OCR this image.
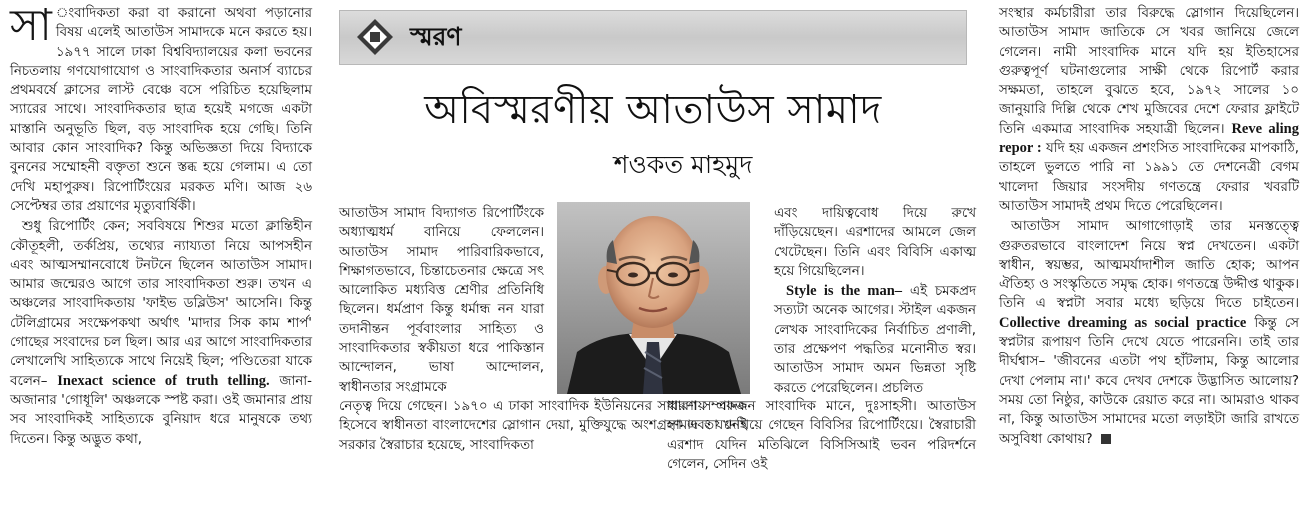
সা ংবাদিকতা করা বা করানো অথবা পড়ানোর বিষয় এলেই আতাউস সামাদকে মনে করতে হয়। ১৯৭৭ সালে ঢাকা বিশ্ববিদ্যালয়ের কলা ভবনের নিচতলায় গণযোগাযোগ ও সাংবাদিকতার অনার্স ব্যাচের প্রথমবর্ষে ক্লাসের লাস্ট বেঞ্চে বসে পরিচিত হয়েছিলাম স্যারের সাথে। সাংবাদিকতার ছাত্র হয়েই মগজে একটা মাস্তানি অনুভূতি ছিল, বড় সাংবাদিক হয়ে গেছি। তিনি আবার কোন সাংবাদিক? কিন্তু অভিজ্ঞতা দিয়ে বিদ্যাকে বুননের সম্মোহনী বক্তৃতা শুনে স্তব্ধ হয়ে গেলাম। এ তো দেখি মহাপুরুষ। রিপোর্টিংয়ের মরকত মণি। আজ ২৬ সেপ্টেম্বর তার প্রয়াণের মৃত্যুবার্ষিকী।

শুধু রিপোর্টিং কেন; সববিষয়ে শিশুর মতো ক্লান্তিহীন কৌতূহলী, তর্কপ্রিয়, তথ্যের ন্যায্যতা নিয়ে আপসহীন এবং আত্মসম্মানবোধে টনটনে ছিলেন আতাউস সামাদ। আমার জন্মেরও আগে তার সাংবাদিকতা শুরু। তখন এ অঞ্চলের সাংবাদিকতায় 'ফাইভ ডব্লিউস' আসেনি। কিন্তু টেলিগ্রামের সংক্ষেপকথা অর্থাৎ 'মাদার সিক কাম শার্প' গোছের সংবাদের চল ছিল। আর এর আগে সাংবাদিকতার লেখালেখি সাহিত্যকে সাথে নিয়েই ছিল; পণ্ডিতেরা যাকে বলেন– Inexact science of truth telling. জানা-অজানার 'গোধূলি' অঞ্চলকে স্পষ্ট করা। ওই জমানার প্রায় সব সাংবাদিকই সাহিত্যকে বুনিয়াদ ধরে মানুষকে তথ্য দিতেন। কিন্তু অদ্ভুত কথা,

স্মরণ
অবিস্মরণীয় আতাউস সামাদ
শওকত মাহমুদ

আতাউস সামাদ বিদ্যাগত রিপোর্টিংকে অধ্যাত্মধর্ম বানিয়ে ফেললেন। আতাউস সামাদ পারিবারিকভাবে, শিক্ষাগতভাবে, চিন্তাচেতনার ক্ষেত্রে সৎ আলোকিত মধ্যবিত্ত শ্রেণীর প্রতিনিধি ছিলেন। ধর্মপ্রাণ কিন্তু ধর্মান্ধ নন যারা তদানীন্তন পূর্ববাংলার সাহিত্য ও সাংবাদিকতার স্বকীয়তা ধরে পাকিস্তান আন্দোলন, ভাষা আন্দোলন, স্বাধীনতার সংগ্রামকে

নেতৃত্ব দিয়ে গেছেন। ১৯৭০ এ ঢাকা সাংবাদিক ইউনিয়নের সাধারণ সম্পাদক হিসেবে স্বাধীনতা বাংলাদেশের স্লোগান দেয়া, মুক্তিযুদ্ধে অংশগ্রহণ এবং যখনই সরকার স্বৈরাচার হয়েছে, সাংবাদিকতা

এবং দায়িত্ববোধ দিয়ে রুখে দাঁড়িয়েছেন। এরশাদের আমলে জেল খেটেছেন। তিনি এবং বিবিসি একাত্ম হয়ে গিয়েছিলেন।

Style is the man– এই চমকপ্রদ সত্যটা অনেক আগের। স্টাইল একজন লেখক সাংবাদিকের নির্বাচিত প্রণালী, তার প্রক্ষেপণ পদ্ধতির মনোনীত স্বর। আতাউস সামাদ অমন ভিন্নতা সৃষ্টি করতে পেরেছিলেন। প্রচলিত

ধারণায় একজন সাংবাদিক মানে, দুঃসাহসী। আতাউস সামাদ তা দেখিয়ে গেছেন বিবিসির রিপোর্টিংয়ে। স্বৈরাচারী এরশাদ যেদিন মতিঝিলে বিসিসিআই ভবন পরিদর্শনে গেলেন, সেদিন ওই

সংস্থার কর্মচারীরা তার বিরুদ্ধে স্লোগান দিয়েছিলেন। আতাউস সামাদ জাতিকে সে খবর জানিয়ে জেলে গেলেন। নামী সাংবাদিক মানে যদি হয় ইতিহাসের গুরুত্বপূর্ণ ঘটনাগুলোর সাক্ষী থেকে রিপোর্ট করার সক্ষমতা, তাহলে বুঝতে হবে, ১৯৭২ সালের ১০ জানুয়ারি দিল্লি থেকে শেখ মুজিবের দেশে ফেরার ফ্লাইটে তিনি একমাত্র সাংবাদিক সহযাত্রী ছিলেন। Reve aling repor : যদি হয় একজন প্রশংসিত সাংবাদিকের মাপকাঠি, তাহলে ভুলতে পারি না ১৯৯১ তে দেশনেত্রী বেগম খালেদা জিয়ার সংসদীয় গণতন্ত্রে ফেরার খবরটি আতাউস সামাদই প্রথম দিতে পেরেছিলেন।

আতাউস সামাদ আগাগোড়াই তার মনস্তত্ত্বে গুরুতরভাবে বাংলাদেশ নিয়ে স্বপ্ন দেখতেন। একটা স্বাধীন, স্বয়ম্ভর, আত্মমর্যাদাশীল জাতি হোক; আপন ঐতিহ্য ও সংস্কৃতিতে সমৃদ্ধ হোক। গণতন্ত্রে উদ্দীপ্ত থাকুক। তিনি এ স্বপ্নটা সবার মধ্যে ছড়িয়ে দিতে চাইতেন। Collective dreaming as social practice কিন্তু সে স্বপ্নটার রূপায়ণ তিনি দেখে যেতে পারেননি। তাই তার দীর্ঘশ্বাস– 'জীবনের এতটা পথ হাঁটলাম, কিন্তু আলোর দেখা পেলাম না।' কবে দেখব দেশকে উদ্ভাসিত আলোয়? সময় তো নিষ্ঠুর, কাউকে রেয়াত করে না। আমরাও থাকব না, কিন্তু আতাউস সামাদের মতো লড়াইটা জারি রাখতে অসুবিধা কোথায়?
